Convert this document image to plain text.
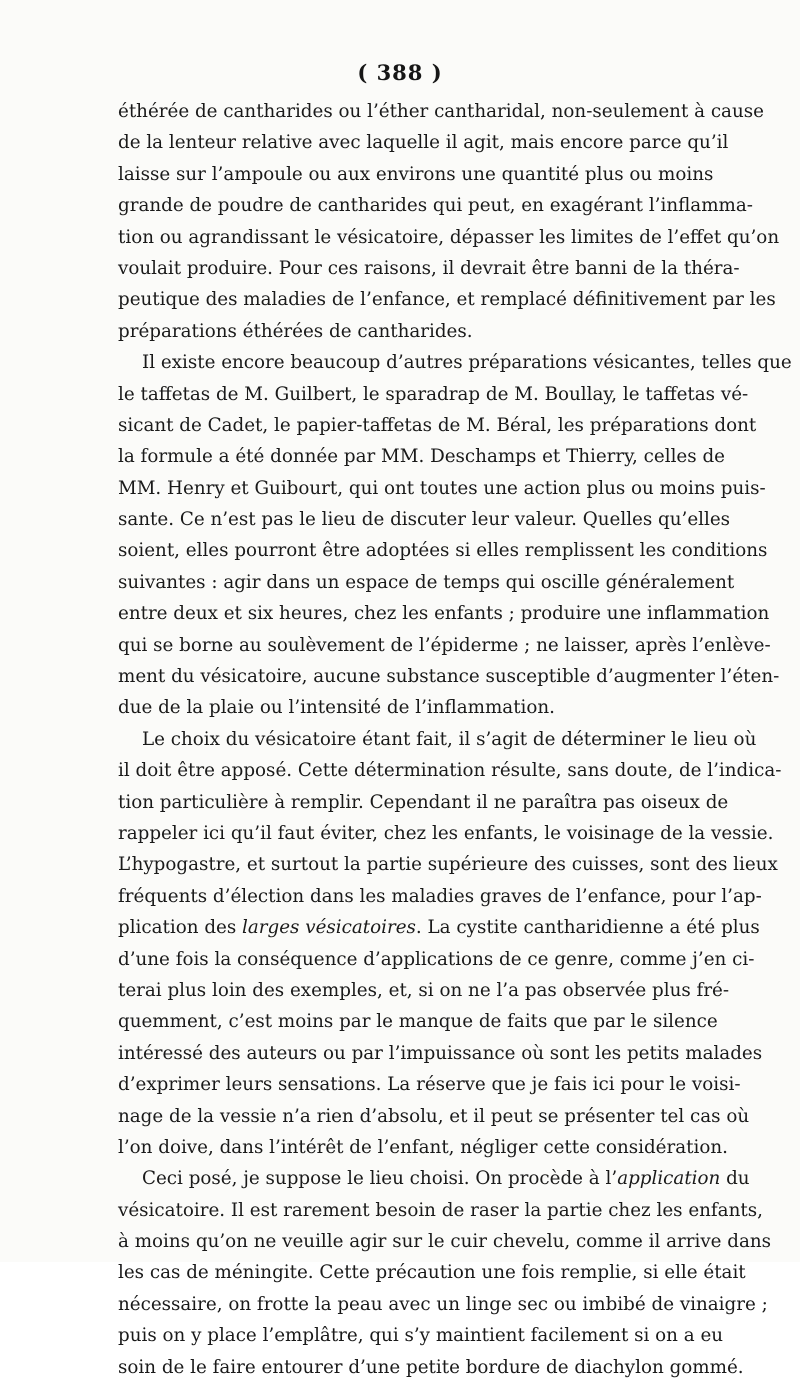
( 388 )
éthérée de cantharides ou l’éther cantharidal, non-seulement à cause
de la lenteur relative avec laquelle il agit, mais encore parce qu’il
laisse sur l’ampoule ou aux environs une quantité plus ou moins
grande de poudre de cantharides qui peut, en exagérant l’inflamma-
tion ou agrandissant le vésicatoire, dépasser les limites de l’effet qu’on
voulait produire. Pour ces raisons, il devrait être banni de la théra-
peutique des maladies de l’enfance, et remplacé définitivement par les
préparations éthérées de cantharides.
Il existe encore beaucoup d’autres préparations vésicantes, telles que
le taffetas de M. Guilbert, le sparadrap de M. Boullay, le taffetas vé-
sicant de Cadet, le papier-taffetas de M. Béral, les préparations dont
la formule a été donnée par MM. Deschamps et Thierry, celles de
MM. Henry et Guibourt, qui ont toutes une action plus ou moins puis-
sante. Ce n’est pas le lieu de discuter leur valeur. Quelles qu’elles
soient, elles pourront être adoptées si elles remplissent les conditions
suivantes : agir dans un espace de temps qui oscille généralement
entre deux et six heures, chez les enfants ; produire une inflammation
qui se borne au soulèvement de l’épiderme ; ne laisser, après l’enlève-
ment du vésicatoire, aucune substance susceptible d’augmenter l’éten-
due de la plaie ou l’intensité de l’inflammation.
Le choix du vésicatoire étant fait, il s’agit de déterminer le lieu où
il doit être apposé. Cette détermination résulte, sans doute, de l’indica-
tion particulière à remplir. Cependant il ne paraîtra pas oiseux de
rappeler ici qu’il faut éviter, chez les enfants, le voisinage de la vessie.
L’hypogastre, et surtout la partie supérieure des cuisses, sont des lieux
fréquents d’élection dans les maladies graves de l’enfance, pour l’ap-
plication des larges vésicatoires. La cystite cantharidienne a été plus
d’une fois la conséquence d’applications de ce genre, comme j’en ci-
terai plus loin des exemples, et, si on ne l’a pas observée plus fré-
quemment, c’est moins par le manque de faits que par le silence
intéressé des auteurs ou par l’impuissance où sont les petits malades
d’exprimer leurs sensations. La réserve que je fais ici pour le voisi-
nage de la vessie n’a rien d’absolu, et il peut se présenter tel cas où
l’on doive, dans l’intérêt de l’enfant, négliger cette considération.
Ceci posé, je suppose le lieu choisi. On procède à l’application du
vésicatoire. Il est rarement besoin de raser la partie chez les enfants,
à moins qu’on ne veuille agir sur le cuir chevelu, comme il arrive dans
les cas de méningite. Cette précaution une fois remplie, si elle était
nécessaire, on frotte la peau avec un linge sec ou imbibé de vinaigre ;
puis on y place l’emplâtre, qui s’y maintient facilement si on a eu
soin de le faire entourer d’une petite bordure de diachylon gommé.
